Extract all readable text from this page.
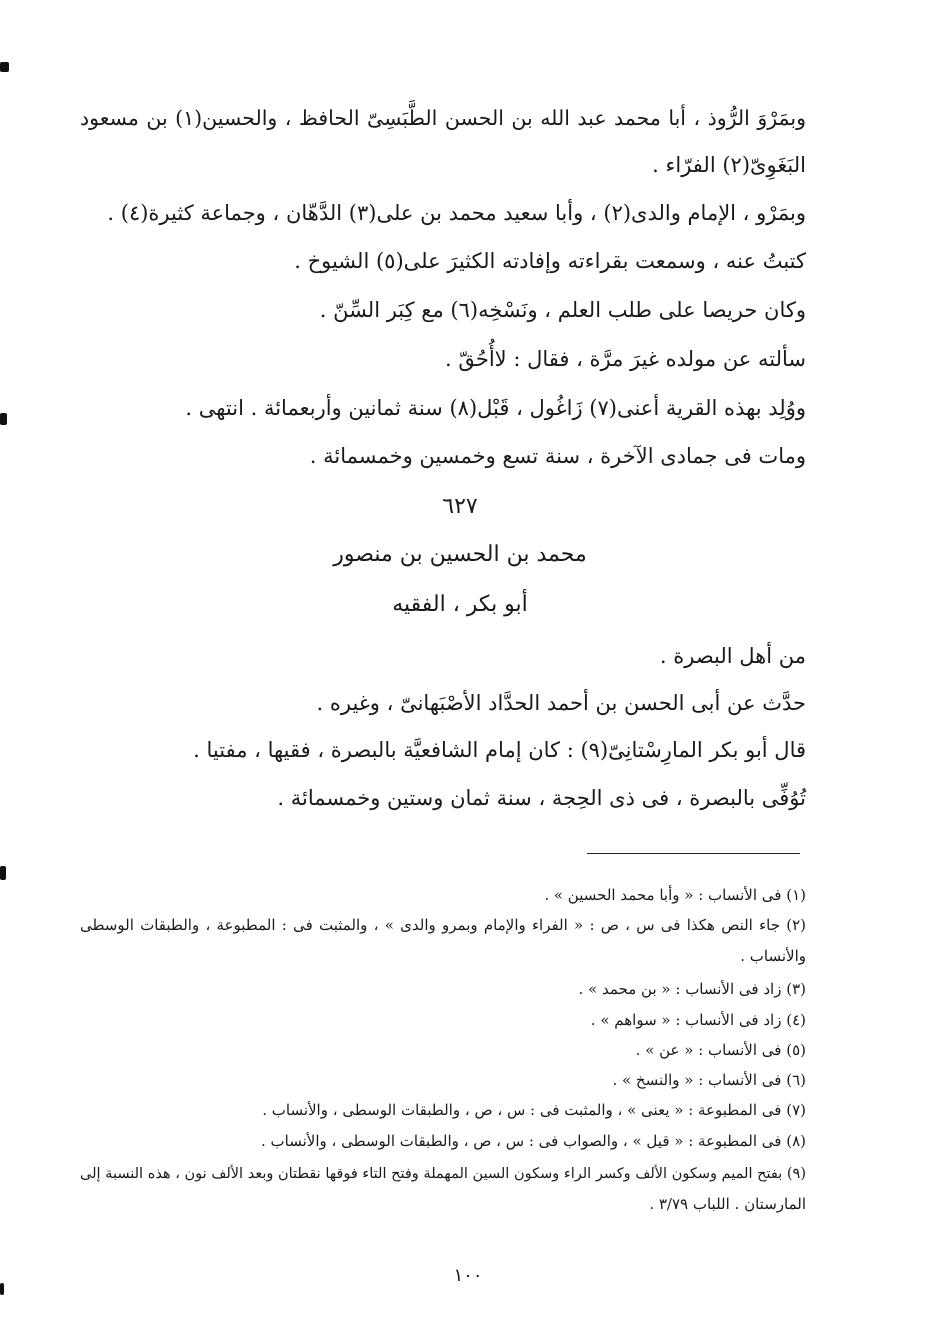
وبمَرْوَ الرُّوذ ، أبا محمد عبد الله بن الحسن الطَّبَسِىّ الحافظ ، والحسين(١) بن مسعود
البَغَوِىّ(٢) الفرّاء .
وبمَرْو ، الإمام والدى(٢) ، وأبا سعيد محمد بن على(٣) الدَّهّان ، وجماعة كثيرة(٤) .
كتبتُ عنه ، وسمعت بقراءته وإفادته الكثيرَ على(٥) الشيوخ .
وكان حريصا على طلب العلم ، ونَسْخِه(٦) مع كِبَر السِّنّ .
سألته عن مولده غيرَ مرَّة ، فقال : لاأُحُقّ .
ووُلِد بهذه القرية أعنى(٧) زَاغُول ، قَبْل(٨) سنة ثمانين وأربعمائة . انتهى .
ومات فى جمادى الآخرة ، سنة تسع وخمسين وخمسمائة .
٦٢٧
محمد بن الحسين بن منصور
أبو بكر ، الفقيه
من أهل البصرة .
حدَّث عن أبى الحسن بن أحمد الحدَّاد الأصْبَهانىّ ، وغيره .
قال أبو بكر المارِسْتانِىّ(٩) : كان إمام الشافعيَّة بالبصرة ، فقيها ، مفتيا .
تُوُفِّى بالبصرة ، فى ذى الحِجة ، سنة ثمان وستين وخمسمائة .
(١) فى الأنساب : « وأبا محمد الحسين » .
(٢) جاء النص هكذا فى س ، ص : « الفراء والإمام وبمرو والدى » ، والمثبت فى : المطبوعة ، والطبقات الوسطى
والأنساب .
(٣) زاد فى الأنساب : « بن محمد » .
(٤) زاد فى الأنساب : « سواهم » .
(٥) فى الأنساب : « عن » .
(٦) فى الأنساب : « والنسخ » .
(٧) فى المطبوعة : « يعنى » ، والمثبت فى : س ، ص ، والطبقات الوسطى ، والأنساب .
(٨) فى المطبوعة : « قيل » ، والصواب فى : س ، ص ، والطبقات الوسطى ، والأنساب .
(٩) بفتح الميم وسكون الألف وكسر الراء وسكون السين المهملة وفتح التاء فوقها نقطتان وبعد الألف نون ، هذه النسبة إلى
المارستان . اللباب ٣/٧٩ .
١٠٠
